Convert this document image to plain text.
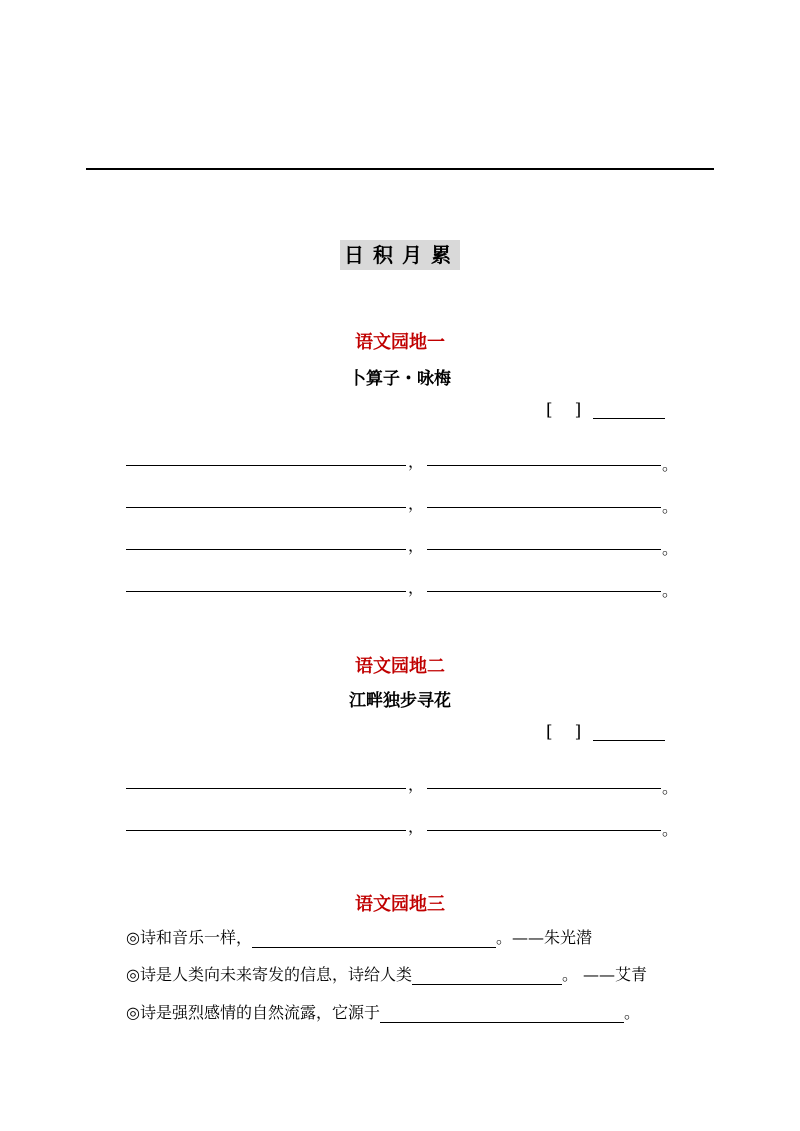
日积月累
语文园地一
卜算子・咏梅
[ ]
，	。
，	。
，	。
，	。
语文园地二
江畔独步寻花
[ ]
，	。
，	。
语文园地三
◎诗和音乐一样，	。——朱光潜
◎诗是人类向未来寄发的信息，诗给人类	。 ——艾青
◎诗是强烈感情的自然流露，它源于	。
